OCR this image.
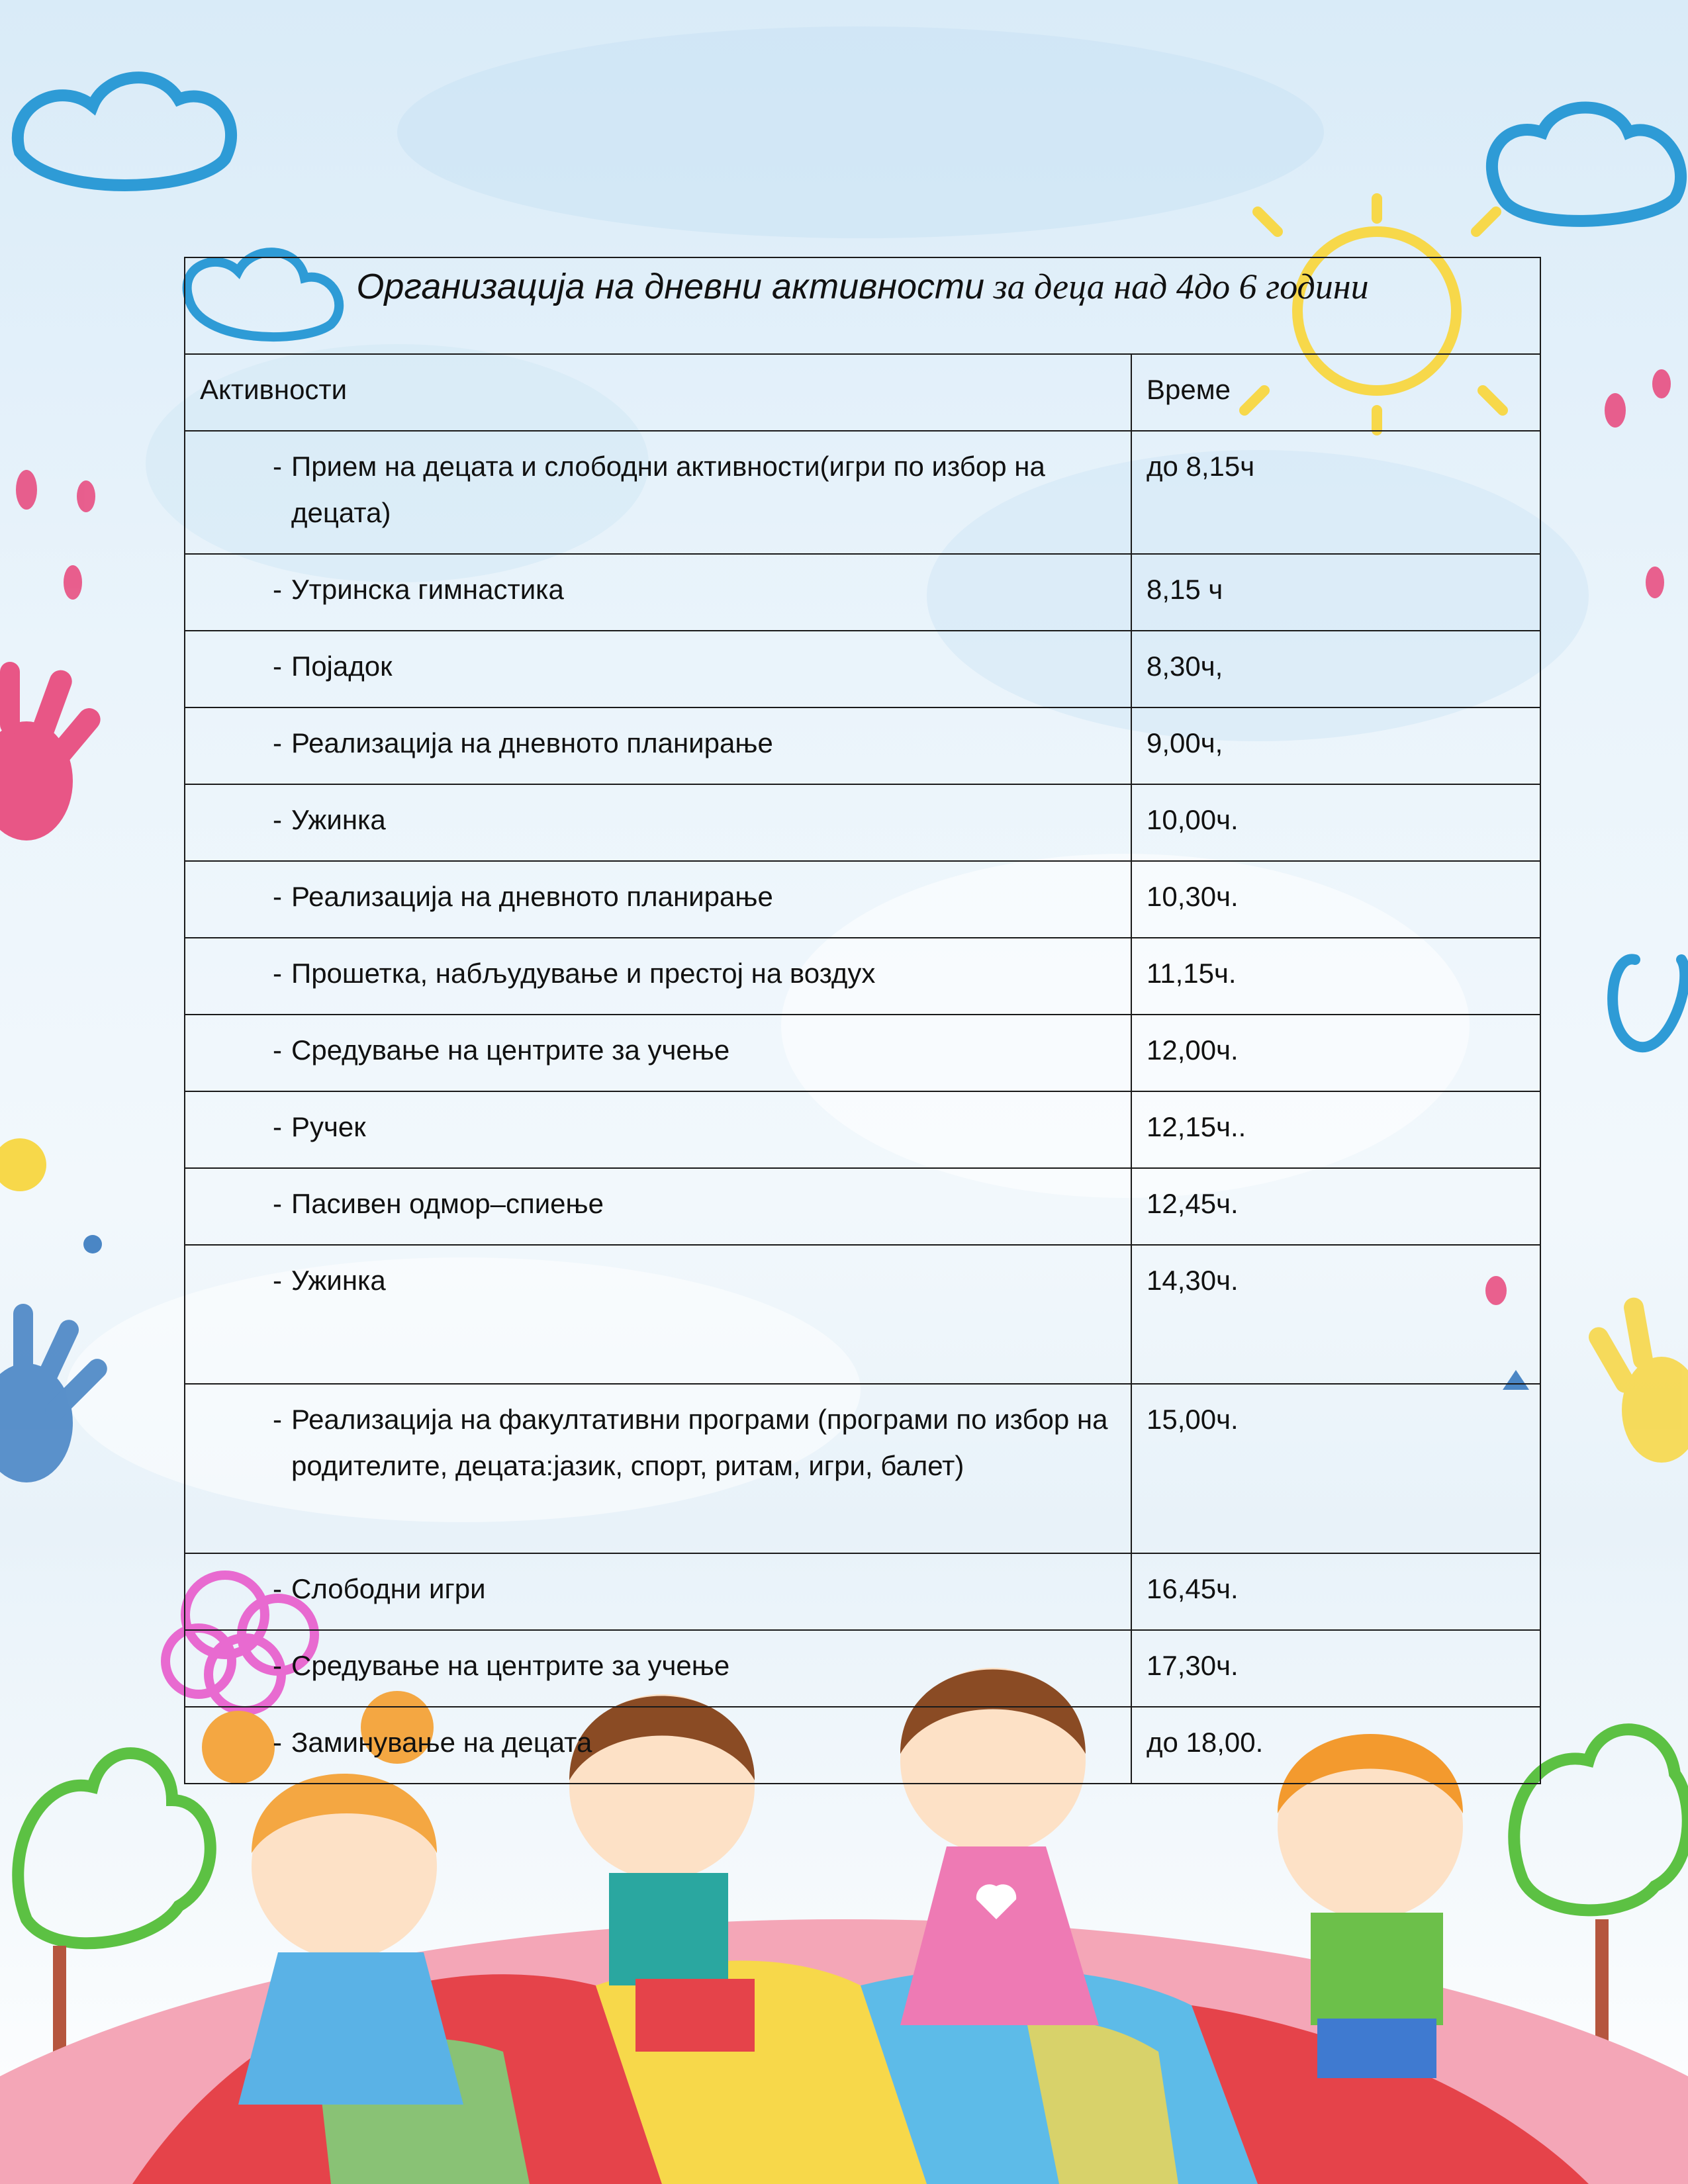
Организација на дневни активности за деца над 4до 6 години	
Активности	Време

- Прием на децата и слободни активности(игри по избор на децата)	до 8,15ч

- Утринска гимнастика	8,15 ч

- Појадок	8,30ч,

- Реализација на дневното планирање	9,00ч,

- Ужинка	10,00ч.

- Реализација на дневното планирање	10,30ч.

- Прошетка, набљудување и престој на воздух	11,15ч.

- Средување на центрите за учење	12,00ч.

- Ручек	12,15ч..

- Пасивен одмор–спиење	12,45ч.

- Ужинка	14,30ч.

- Реализација на факултативни програми (програми по избор на родителите, децата:јазик, спорт, ритам, игри, балет)	15,00ч.

- Слободни игри	16,45ч.

- Средување на центрите за учење	17,30ч.

- Заминување на децата	до 18,00.
